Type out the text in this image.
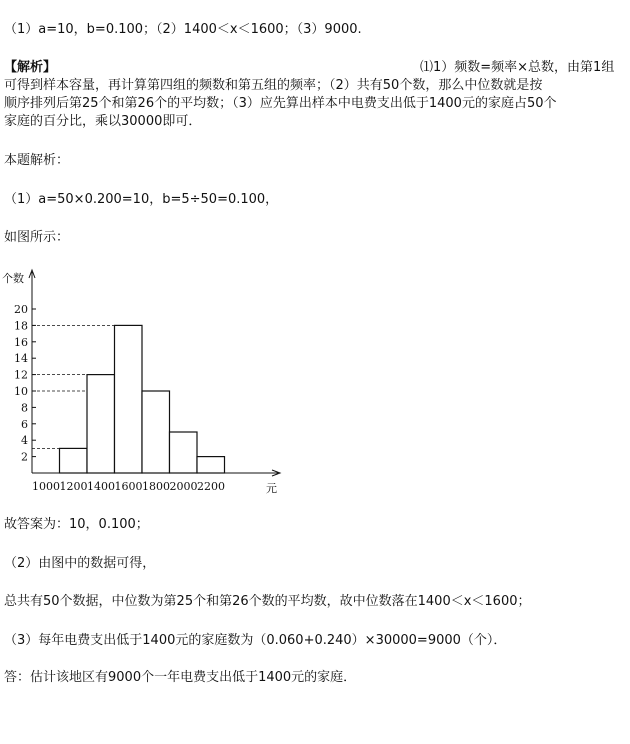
（1）a=10，b=0.100；（2）1400＜x＜1600；（3）9000.
【解析】	⑴1）频数=频率×总数，由第1组
可得到样本容量，再计算第四组的频数和第五组的频率；（2）共有50个数，那么中位数就是按
顺序排列后第25个和第26个的平均数；（3）应先算出样本中电费支出低于1400元的家庭占50个
家庭的百分比，乘以30000即可．
本题解析：
（1）a=50×0.200=10，b=5÷50=0.100，
如图所示：
2
4
6
8
10
12
14
16
18
20
1000 1200 1400 1600 1800 2000 2200
个数
元
故答案为：10，0.100；
（2）由图中的数据可得，
总共有50个数据，中位数为第25个和第26个数的平均数，故中位数落在1400＜x＜1600；
（3）每年电费支出低于1400元的家庭数为（0.060+0.240）×30000=9000（个）．
答：估计该地区有9000个一年电费支出低于1400元的家庭．
